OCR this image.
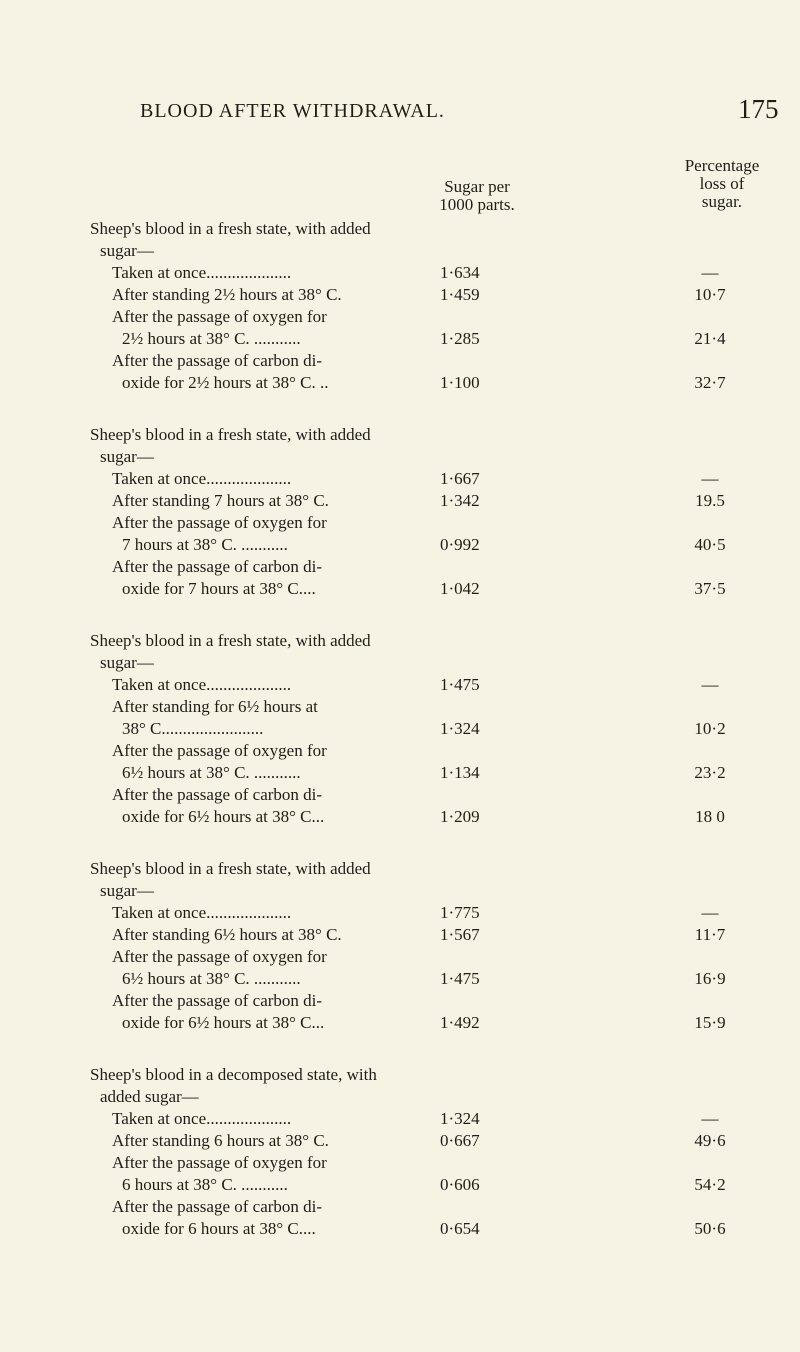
BLOOD AFTER WITHDRAWAL.	175
Sugar per
1000 parts.
Percentage
loss of
sugar.
Sheep's blood in a fresh state, with added
sugar—
Taken at once....................	1·634	—
After standing 2½ hours at 38° C.	1·459	10·7
After the passage of oxygen for
2½ hours at 38° C. ...........	1·285	21·4
After the passage of carbon di-
oxide for 2½ hours at 38° C. ..	1·100	32·7
Sheep's blood in a fresh state, with added
sugar—
Taken at once....................	1·667	—
After standing 7 hours at 38° C.	1·342	19.5
After the passage of oxygen for
7 hours at 38° C. ...........	0·992	40·5
After the passage of carbon di-
oxide for 7 hours at 38° C....	1·042	37·5
Sheep's blood in a fresh state, with added
sugar—
Taken at once....................	1·475	—
After standing for 6½ hours at
38° C........................	1·324	10·2
After the passage of oxygen for
6½ hours at 38° C. ...........	1·134	23·2
After the passage of carbon di-
oxide for 6½ hours at 38° C...	1·209	18 0
Sheep's blood in a fresh state, with added
sugar—
Taken at once....................	1·775	—
After standing 6½ hours at 38° C.	1·567	11·7
After the passage of oxygen for
6½ hours at 38° C. ...........	1·475	16·9
After the passage of carbon di-
oxide for 6½ hours at 38° C...	1·492	15·9
Sheep's blood in a decomposed state, with
added sugar—
Taken at once....................	1·324	—
After standing 6 hours at 38° C.	0·667	49·6
After the passage of oxygen for
6 hours at 38° C. ...........	0·606	54·2
After the passage of carbon di-
oxide for 6 hours at 38° C....	0·654	50·6
